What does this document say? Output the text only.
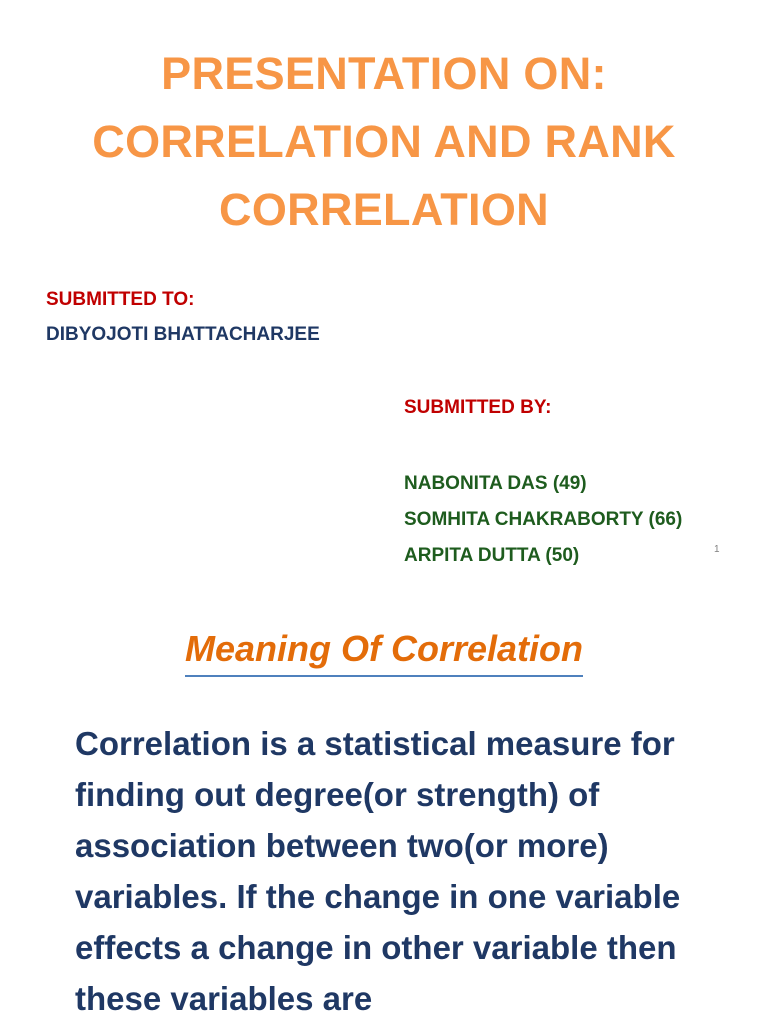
PRESENTATION ON:
CORRELATION AND RANK
CORRELATION
SUBMITTED TO:
DIBYOJOTI BHATTACHARJEE
SUBMITTED BY:
NABONITA DAS (49)
SOMHITA CHAKRABORTY (66)
ARPITA DUTTA (50)	1
Meaning Of Correlation

Correlation is a statistical measure for finding out degree(or strength) of association between two(or more) variables. If the change in one variable effects a change in other variable then these variables are
